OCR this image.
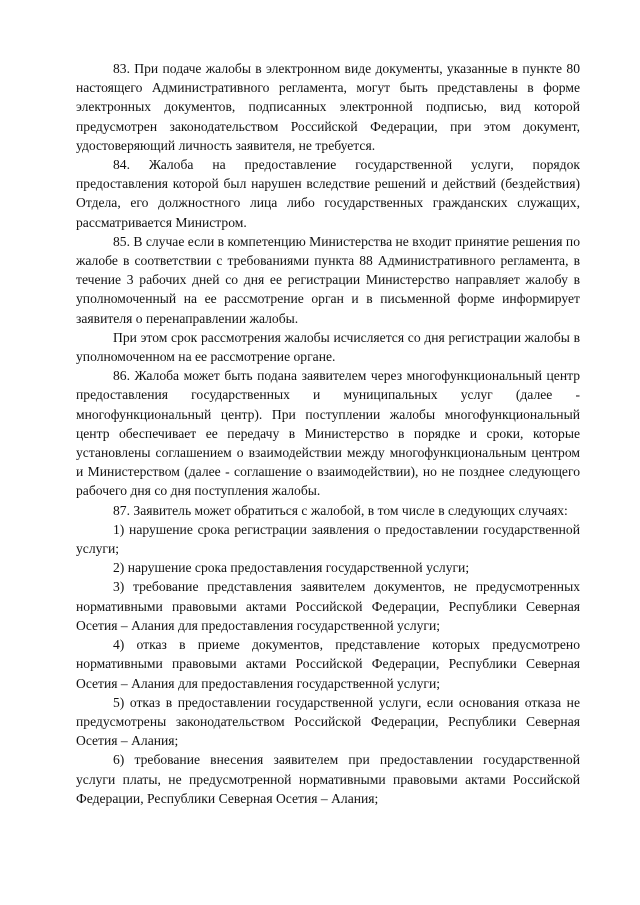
83. При подаче жалобы в электронном виде документы, указанные в пункте 80 настоящего Административного регламента, могут быть представлены в форме электронных документов, подписанных электронной подписью, вид которой предусмотрен законодательством Российской Федерации, при этом документ, удостоверяющий личность заявителя, не требуется.

84. Жалоба на предоставление государственной услуги, порядок предоставления которой был нарушен вследствие решений и действий (бездействия) Отдела, его должностного лица либо государственных гражданских служащих, рассматривается Министром.

85. В случае если в компетенцию Министерства не входит принятие решения по жалобе в соответствии с требованиями пункта 88 Административного регламента, в течение 3 рабочих дней со дня ее регистрации Министерство направляет жалобу в уполномоченный на ее рассмотрение орган и в письменной форме информирует заявителя о перенаправлении жалобы.

При этом срок рассмотрения жалобы исчисляется со дня регистрации жалобы в уполномоченном на ее рассмотрение органе.

86. Жалоба может быть подана заявителем через многофункциональный центр предоставления государственных и муниципальных услуг (далее - многофункциональный центр). При поступлении жалобы многофункциональный центр обеспечивает ее передачу в Министерство в порядке и сроки, которые установлены соглашением о взаимодействии между многофункциональным центром и Министерством (далее - соглашение о взаимодействии), но не позднее следующего рабочего дня со дня поступления жалобы.

87. Заявитель может обратиться с жалобой, в том числе в следующих случаях:

1) нарушение срока регистрации заявления о предоставлении государственной услуги;

2) нарушение срока предоставления государственной услуги;

3) требование представления заявителем документов, не предусмотренных нормативными правовыми актами Российской Федерации, Республики Северная Осетия – Алания для предоставления государственной услуги;

4) отказ в приеме документов, представление которых предусмотрено нормативными правовыми актами Российской Федерации, Республики Северная Осетия – Алания для предоставления государственной услуги;

5) отказ в предоставлении государственной услуги, если основания отказа не предусмотрены законодательством Российской Федерации, Республики Северная Осетия – Алания;

6) требование внесения заявителем при предоставлении государственной услуги платы, не предусмотренной нормативными правовыми актами Российской Федерации, Республики Северная Осетия – Алания;
